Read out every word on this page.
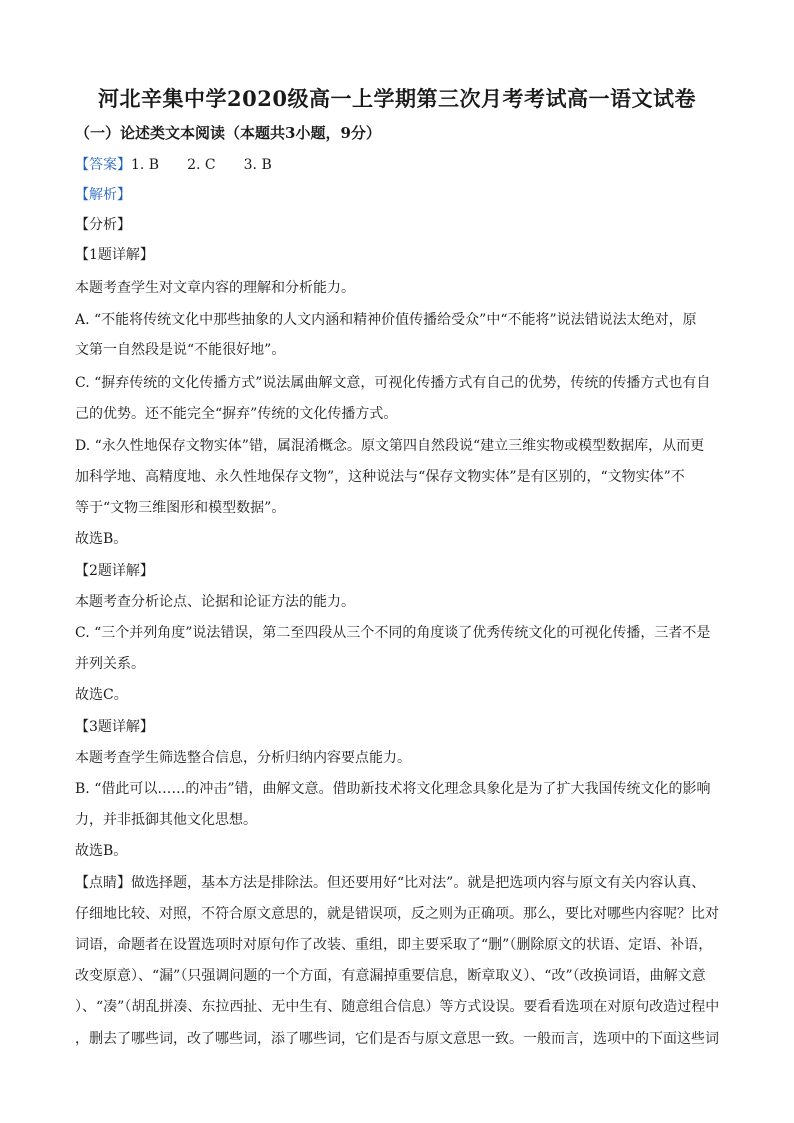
河北辛集中学2020级高一上学期第三次月考考试高一语文试卷
（一）论述类文本阅读（本题共3小题，9分）
【答案】1. B 2. C 3. B
【解析】
【分析】
【1题详解】
本题考查学生对文章内容的理解和分析能力。
A. “不能将传统文化中那些抽象的人文内涵和精神价值传播给受众”中“不能将”说法错说法太绝对，原
文第一自然段是说“不能很好地”。
C. “摒弃传统的文化传播方式”说法属曲解文意，可视化传播方式有自己的优势，传统的传播方式也有自
己的优势。还不能完全“摒弃”传统的文化传播方式。
D. “永久性地保存文物实体”错，属混淆概念。原文第四自然段说“建立三维实物或模型数据库，从而更
加科学地、高精度地、永久性地保存文物”，这种说法与“保存文物实体”是有区别的，“文物实体”不
等于“文物三维图形和模型数据”。
故选B。
【2题详解】
本题考查分析论点、论据和论证方法的能力。
C. “三个并列角度”说法错误，第二至四段从三个不同的角度谈了优秀传统文化的可视化传播，三者不是
并列关系。
故选C。
【3题详解】
本题考查学生筛选整合信息，分析归纳内容要点能力。
B. “借此可以……的冲击”错，曲解文意。借助新技术将文化理念具象化是为了扩大我国传统文化的影响
力，并非抵御其他文化思想。
故选B。
【点睛】做选择题，基本方法是排除法。但还要用好“比对法”。就是把选项内容与原文有关内容认真、
仔细地比较、对照，不符合原文意思的，就是错误项，反之则为正确项。那么，要比对哪些内容呢？比对
词语，命题者在设置选项时对原句作了改装、重组，即主要采取了“删”（删除原文的状语、定语、补语，
改变原意）、“漏”（只强调问题的一个方面，有意漏掉重要信息，断章取义）、“改”（改换词语，曲解文意
）、“凑”（胡乱拼凑、东拉西扯、无中生有、随意组合信息）等方式设误。要看看选项在对原句改造过程中
，删去了哪些词，改了哪些词，添了哪些词，它们是否与原文意思一致。一般而言，选项中的下面这些词
